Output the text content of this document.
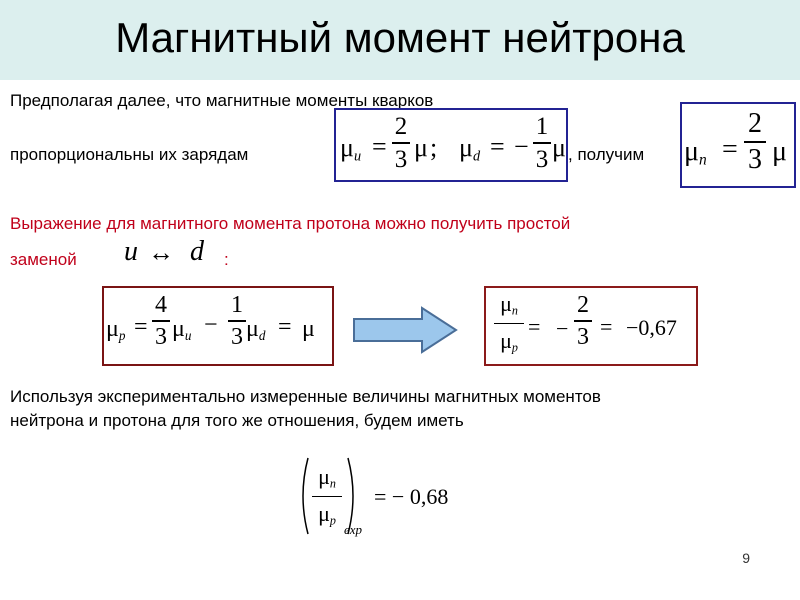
Магнитный момент нейтрона
Предполагая далее, что магнитные моменты кварков
пропорциональны их зарядам	$\mu_u$ =
2
3 μ ; $\mu_d$ = −
1
3 μ , получим $\mu_n$ =
2
3 μ
Выражение для магнитного момента протона можно получить простой
заменой u ↔ d :
$\mu_p$ =
4
3 $\mu_u$ −
1
3 $\mu_d = \mu$
$\mu_n$
$\mu_p$
= −
2
3 = −0,67
Используя экспериментально измеренные величины магнитных моментов
нейтрона и протона для того же отношения, будем иметь
$\mu_n$
$\mu_p$
exp
= − 0,68
9
